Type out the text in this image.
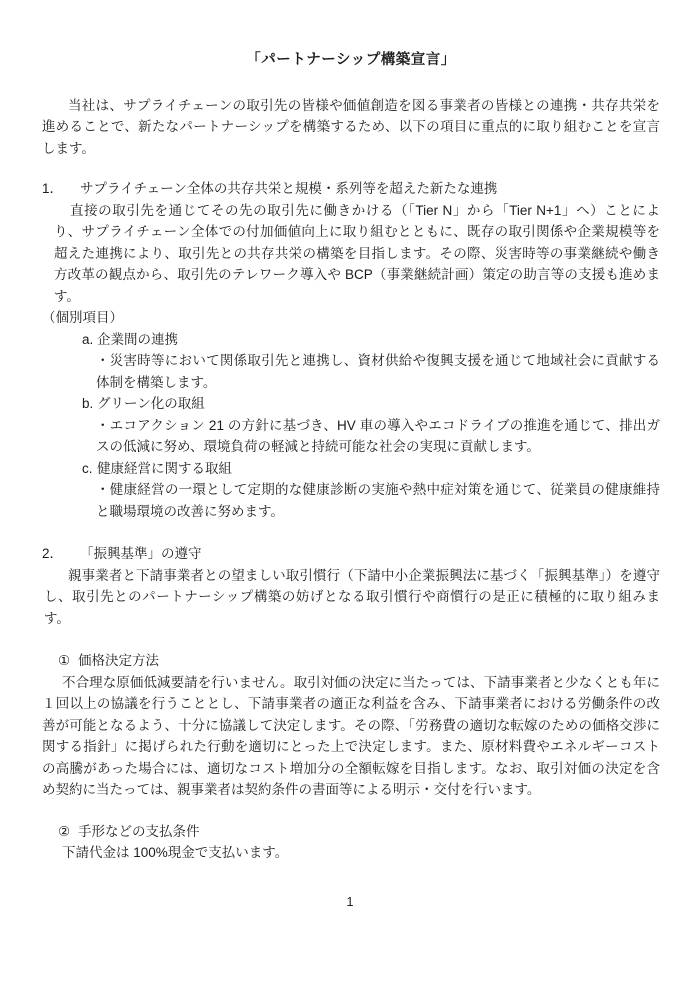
「パートナーシップ構築宣言」

当社は、サプライチェーンの取引先の皆様や価値創造を図る事業者の皆様との連携・共存共栄を進めることで、新たなパートナーシップを構築するため、以下の項目に重点的に取り組むことを宣言します。

1．	サプライチェーン全体の共存共栄と規模・系列等を超えた新たな連携

直接の取引先を通じてその先の取引先に働きかける（「Tier N」から「Tier N+1」へ）ことにより、サプライチェーン全体での付加価値向上に取り組むとともに、既存の取引関係や企業規模等を超えた連携により、取引先との共存共栄の構築を目指します。その際、災害時等の事業継続や働き方改革の観点から、取引先のテレワーク導入や BCP（事業継続計画）策定の助言等の支援も進めます。

（個別項目）

a. 企業間の連携

・災害時等において関係取引先と連携し、資材供給や復興支援を通じて地域社会に貢献する体制を構築します。

b. グリーン化の取組

・エコアクション 21 の方針に基づき、HV 車の導入やエコドライブの推進を通じて、排出ガスの低減に努め、環境負荷の軽減と持続可能な社会の実現に貢献します。

c. 健康経営に関する取組

・健康経営の一環として定期的な健康診断の実施や熱中症対策を通じて、従業員の健康維持と職場環境の改善に努めます。

2．	「振興基準」の遵守

親事業者と下請事業者との望ましい取引慣行（下請中小企業振興法に基づく「振興基準」）を遵守し、取引先とのパートナーシップ構築の妨げとなる取引慣行や商慣行の是正に積極的に取り組みます。

① 価格決定方法

不合理な原価低減要請を行いません。取引対価の決定に当たっては、下請事業者と少なくとも年に１回以上の協議を行うこととし、下請事業者の適正な利益を含み、下請事業者における労働条件の改善が可能となるよう、十分に協議して決定します。その際、「労務費の適切な転嫁のための価格交渉に関する指針」に掲げられた行動を適切にとった上で決定します。また、原材料費やエネルギーコストの高騰があった場合には、適切なコスト増加分の全額転嫁を目指します。なお、取引対価の決定を含め契約に当たっては、親事業者は契約条件の書面等による明示・交付を行います。

② 手形などの支払条件

下請代金は 100%現金で支払います。

1
